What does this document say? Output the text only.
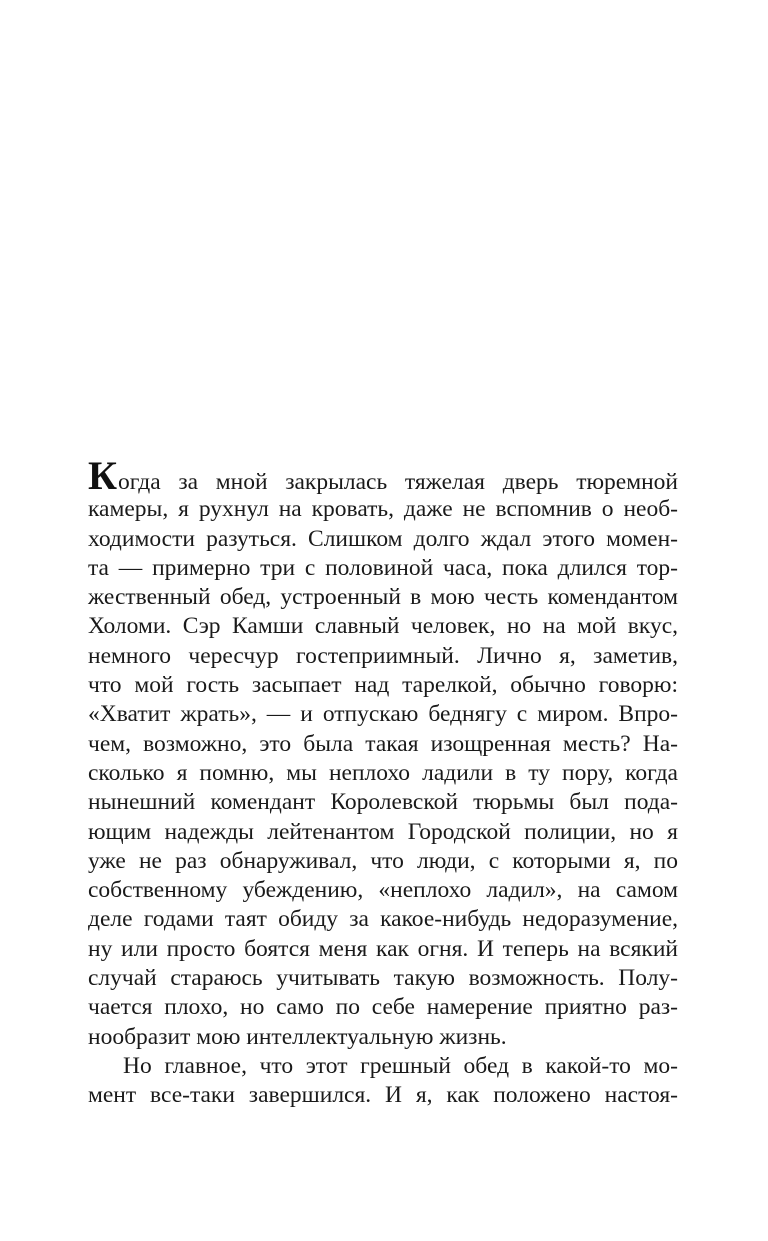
Когда за мной закрылась тяжелая дверь тюремной
камеры, я рухнул на кровать, даже не вспомнив о необ-
ходимости разуться. Слишком долго ждал этого момен-
та — примерно три с половиной часа, пока длился тор-
жественный обед, устроенный в мою честь комендантом
Холоми. Сэр Камши славный человек, но на мой вкус,
немного чересчур гостеприимный. Лично я, заметив,
что мой гость засыпает над тарелкой, обычно говорю:
«Хватит жрать», — и отпускаю беднягу с миром. Впро-
чем, возможно, это была такая изощренная месть? На-
сколько я помню, мы неплохо ладили в ту пору, когда
нынешний комендант Королевской тюрьмы был пода-
ющим надежды лейтенантом Городской полиции, но я
уже не раз обнаруживал, что люди, с которыми я, по
собственному убеждению, «неплохо ладил», на самом
деле годами таят обиду за какое-нибудь недоразумение,
ну или просто боятся меня как огня. И теперь на всякий
случай стараюсь учитывать такую возможность. Полу-
чается плохо, но само по себе намерение приятно раз-
нообразит мою интеллектуальную жизнь.
Но главное, что этот грешный обед в какой-то мо-
мент все-таки завершился. И я, как положено настоя-
